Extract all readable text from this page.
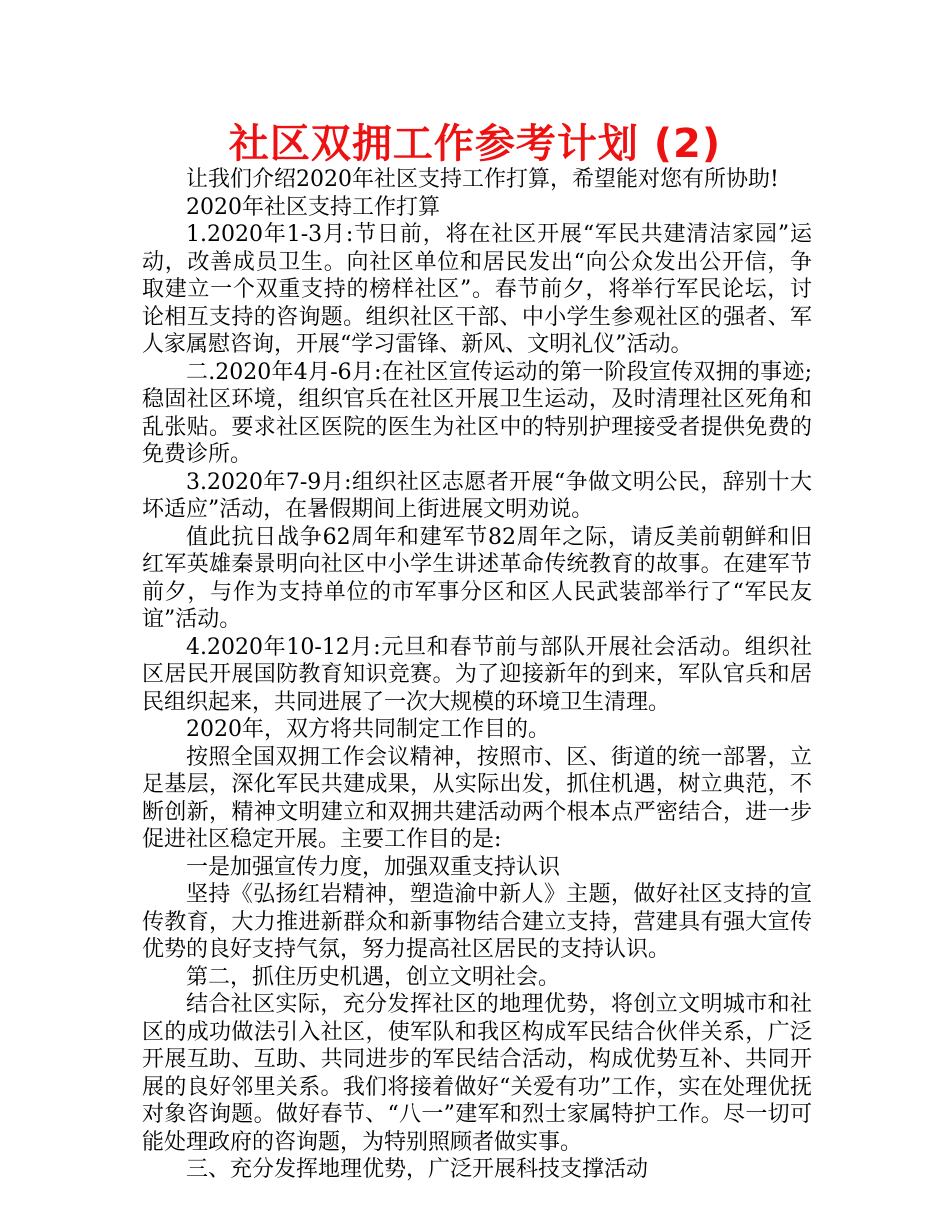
社区双拥工作参考计划 (2)

让我们介绍2020年社区支持工作打算，希望能对您有所协助!

2020年社区支持工作打算

1.2020年1-3月:节日前，将在社区开展“军民共建清洁家园”运动，改善成员卫生。向社区单位和居民发出“向公众发出公开信，争取建立一个双重支持的榜样社区”。春节前夕，将举行军民论坛，讨论相互支持的咨询题。组织社区干部、中小学生参观社区的强者、军人家属慰咨询，开展“学习雷锋、新风、文明礼仪”活动。

二.2020年4月-6月:在社区宣传运动的第一阶段宣传双拥的事迹;稳固社区环境，组织官兵在社区开展卫生运动，及时清理社区死角和乱张贴。要求社区医院的医生为社区中的特别护理接受者提供免费的免费诊所。

3.2020年7-9月:组织社区志愿者开展“争做文明公民，辞别十大坏适应”活动，在暑假期间上街进展文明劝说。

值此抗日战争62周年和建军节82周年之际，请反美前朝鲜和旧红军英雄秦景明向社区中小学生讲述革命传统教育的故事。在建军节前夕，与作为支持单位的市军事分区和区人民武装部举行了“军民友谊”活动。

4.2020年10-12月:元旦和春节前与部队开展社会活动。组织社区居民开展国防教育知识竞赛。为了迎接新年的到来，军队官兵和居民组织起来，共同进展了一次大规模的环境卫生清理。

2020年，双方将共同制定工作目的。

按照全国双拥工作会议精神，按照市、区、街道的统一部署，立足基层，深化军民共建成果，从实际出发，抓住机遇，树立典范，不断创新，精神文明建立和双拥共建活动两个根本点严密结合，进一步促进社区稳定开展。主要工作目的是:

一是加强宣传力度，加强双重支持认识

坚持《弘扬红岩精神，塑造渝中新人》主题，做好社区支持的宣传教育，大力推进新群众和新事物结合建立支持，营建具有强大宣传优势的良好支持气氛，努力提高社区居民的支持认识。

第二，抓住历史机遇，创立文明社会。

结合社区实际，充分发挥社区的地理优势，将创立文明城市和社区的成功做法引入社区，使军队和我区构成军民结合伙伴关系，广泛开展互助、互助、共同进步的军民结合活动，构成优势互补、共同开展的良好邻里关系。我们将接着做好“关爱有功”工作，实在处理优抚对象咨询题。做好春节、“八一”建军和烈士家属特护工作。尽一切可能处理政府的咨询题，为特别照顾者做实事。

三、充分发挥地理优势，广泛开展科技支撑活动
